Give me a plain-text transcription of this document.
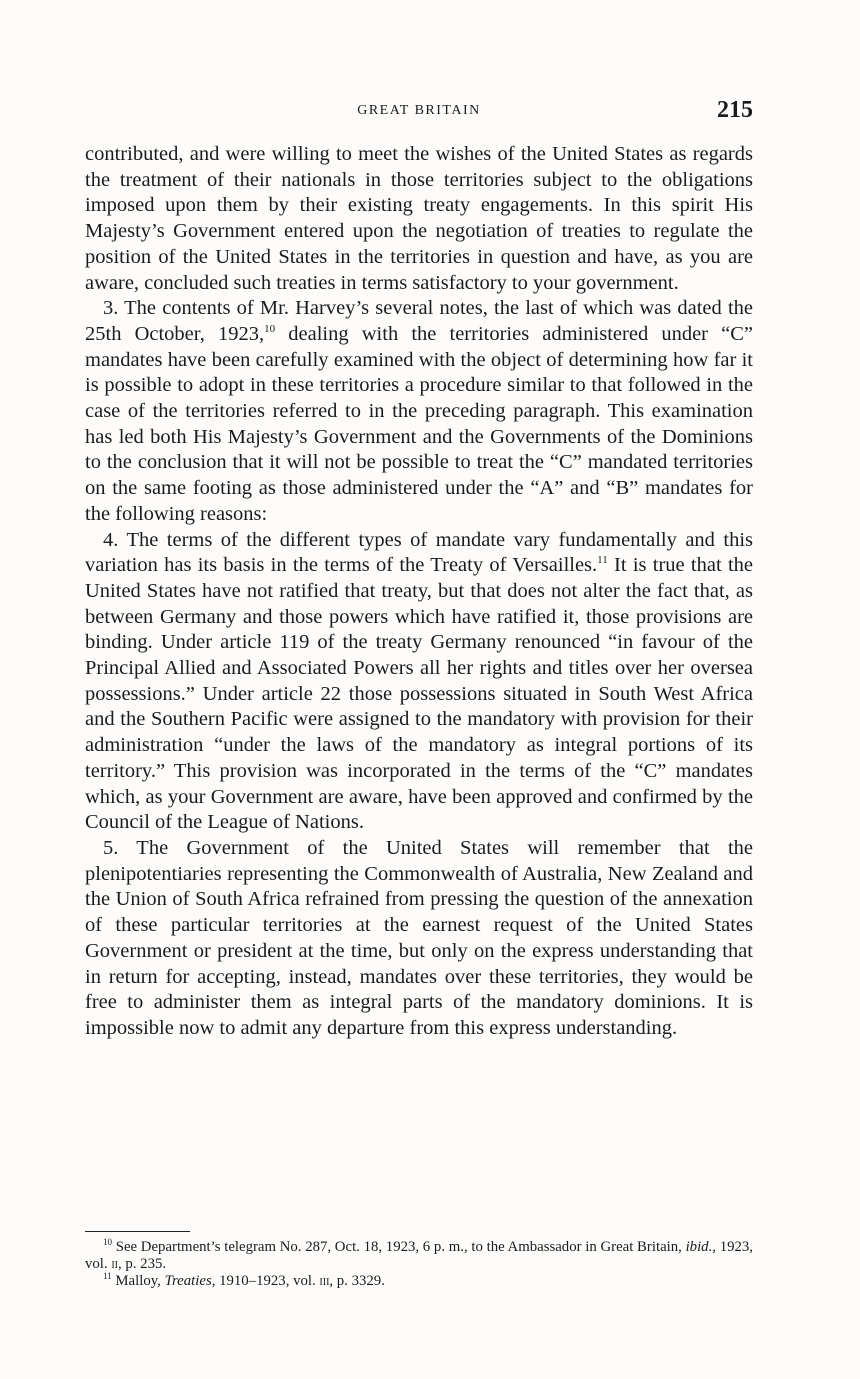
GREAT BRITAIN	215

contributed, and were willing to meet the wishes of the United States as regards the treatment of their nationals in those territories subject to the obligations imposed upon them by their existing treaty engagements. In this spirit His Majesty’s Government entered upon the negotiation of treaties to regulate the position of the United States in the territories in question and have, as you are aware, concluded such treaties in terms satisfactory to your government.

3. The contents of Mr. Harvey’s several notes, the last of which was dated the 25th October, 1923,10 dealing with the territories administered under “C” mandates have been carefully examined with the object of determining how far it is possible to adopt in these territories a procedure similar to that followed in the case of the territories referred to in the preceding paragraph. This examination has led both His Majesty’s Government and the Governments of the Dominions to the conclusion that it will not be possible to treat the “C” mandated territories on the same footing as those administered under the “A” and “B” mandates for the following reasons:

4. The terms of the different types of mandate vary fundamentally and this variation has its basis in the terms of the Treaty of Versailles.$^{11}$ It is true that the United States have not ratified that treaty, but that does not alter the fact that, as between Germany and those powers which have ratified it, those provisions are binding. Under article 119 of the treaty Germany renounced “in favour of the Principal Allied and Associated Powers all her rights and titles over her oversea possessions.” Under article 22 those possessions situated in South West Africa and the Southern Pacific were assigned to the mandatory with provision for their administration “under the laws of the mandatory as integral portions of its territory.” This provision was incorporated in the terms of the “C” mandates which, as your Government are aware, have been approved and confirmed by the Council of the League of Nations.

5. The Government of the United States will remember that the plenipotentiaries representing the Commonwealth of Australia, New Zealand and the Union of South Africa refrained from pressing the question of the annexation of these particular territories at the earnest request of the United States Government or president at the time, but only on the express understanding that in return for accepting, instead, mandates over these territories, they would be free to administer them as integral parts of the mandatory dominions. It is impossible now to admit any departure from this express understanding.

$^{10}$ See Department’s telegram No. 287, Oct. 18, 1923, 6 p. m., to the Ambassador in Great Britain, ibid., 1923, vol. ii, p. 235.

$^{11}$ Malloy, Treaties, 1910–1923, vol. iii, p. 3329.
